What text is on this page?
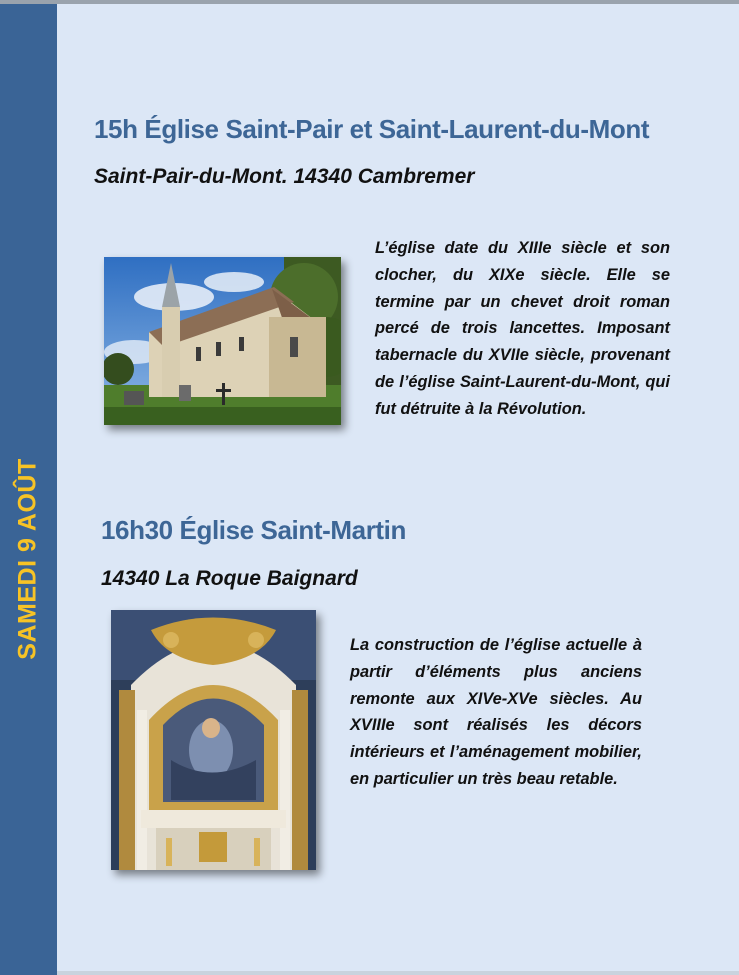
SAMEDI 9 AOÛT
15h Église Saint-Pair et Saint-Laurent-du-Mont
Saint-Pair-du-Mont. 14340 Cambremer
L’église date du XIIIe siècle et son clocher, du XIXe siècle. Elle se termine par un chevet droit roman percé de trois lancettes. Imposant tabernacle du XVIIe siècle, provenant de l’église Saint-Laurent-du-Mont, qui fut détruite à la Révolution.
16h30 Église Saint-Martin
14340 La Roque Baignard
La construction de l’église actuelle à partir d’éléments plus anciens remonte aux XIVe-XVe siècles. Au XVIIIe sont réalisés les décors intérieurs et l’aménagement mobilier, en particulier un très beau retable.
